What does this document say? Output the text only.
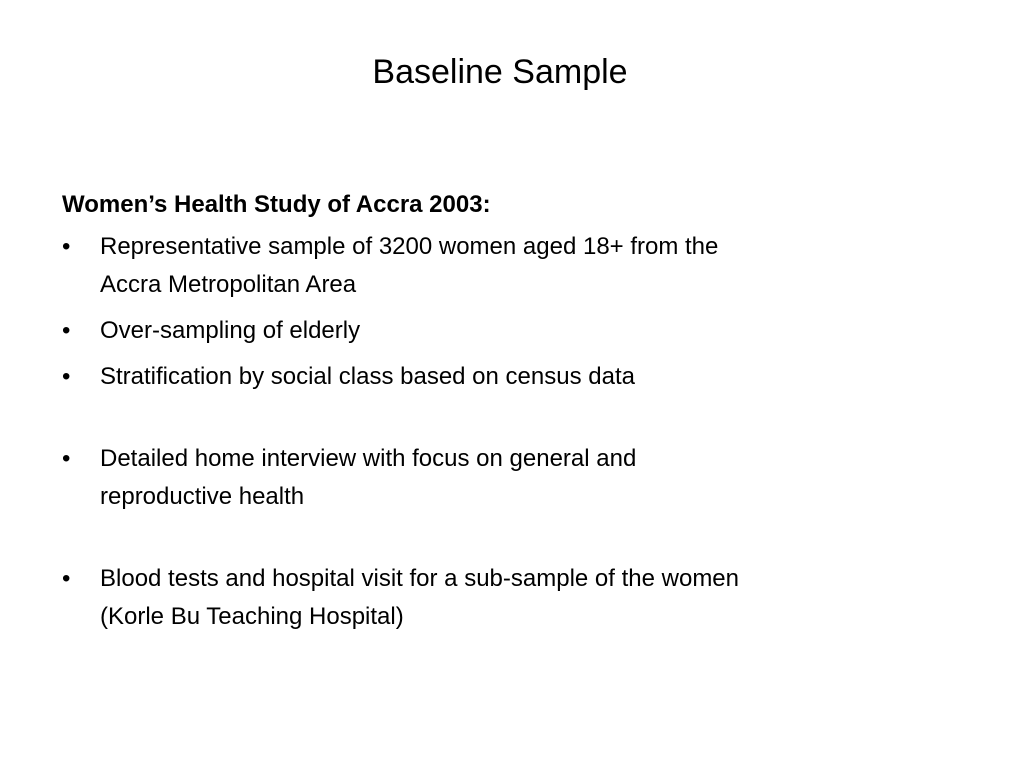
Baseline Sample
Women’s Health Study of Accra 2003:
•	Representative sample of 3200 women aged 18+ from the
Accra Metropolitan Area
•	Over-sampling of elderly
•	Stratification by social class based on census data
•	Detailed home interview with focus on general and
reproductive health
•	Blood tests and hospital visit for a sub-sample of the women
(Korle Bu Teaching Hospital)
